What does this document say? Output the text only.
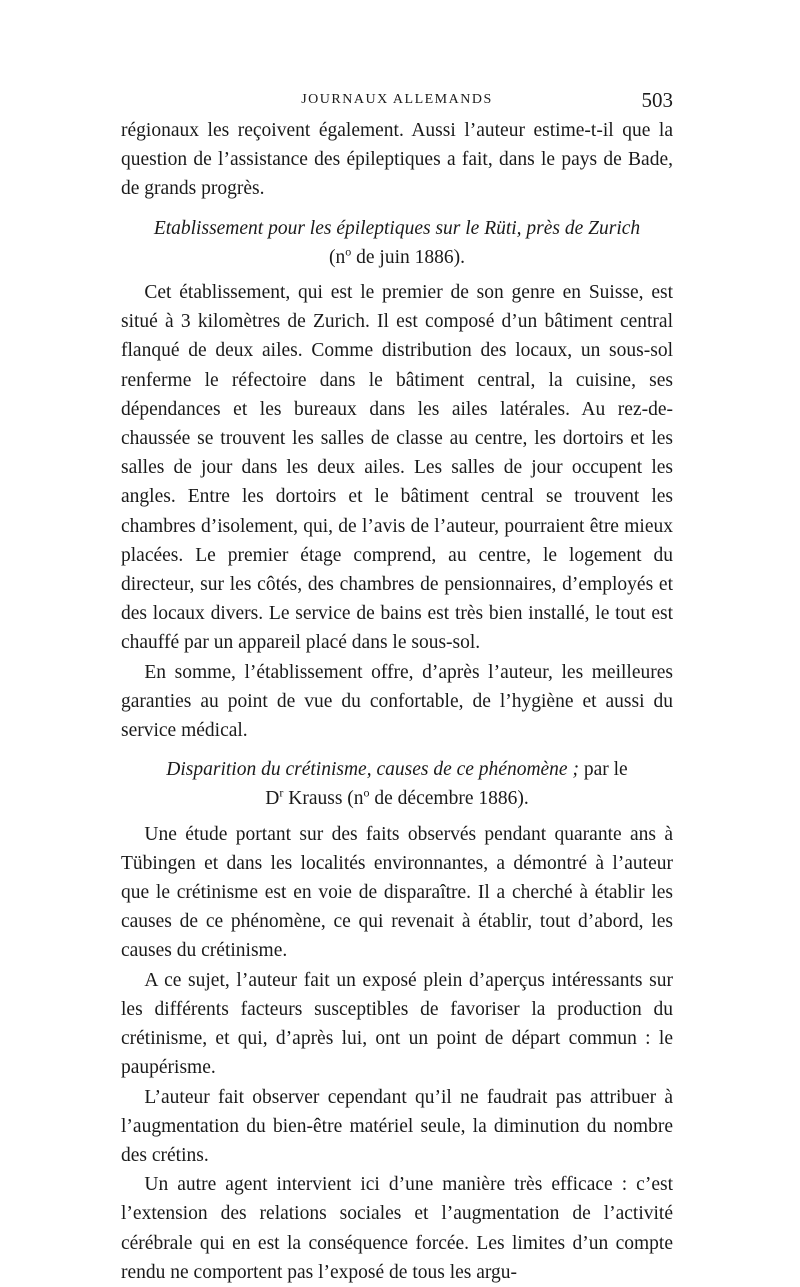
JOURNAUX ALLEMANDS	503

régionaux les reçoivent également. Aussi l’auteur estime-t-il que la question de l’assistance des épileptiques a fait, dans le pays de Bade, de grands progrès.

Etablissement pour les épileptiques sur le Rüti, près de Zurich
($n^o$ de juin 1886).

Cet établissement, qui est le premier de son genre en Suisse, est situé à 3 kilomètres de Zurich. Il est composé d’un bâtiment central flanqué de deux ailes. Comme distribution des locaux, un sous-sol renferme le réfectoire dans le bâtiment central, la cuisine, ses dépendances et les bureaux dans les ailes latérales. Au rez-de-chaussée se trouvent les salles de classe au centre, les dortoirs et les salles de jour dans les deux ailes. Les salles de jour occupent les angles. Entre les dortoirs et le bâtiment central se trouvent les chambres d’isolement, qui, de l’avis de l’auteur, pourraient être mieux placées. Le premier étage comprend, au centre, le logement du directeur, sur les côtés, des chambres de pensionnaires, d’employés et des locaux divers. Le service de bains est très bien installé, le tout est chauffé par un appareil placé dans le sous-sol.

En somme, l’établissement offre, d’après l’auteur, les meilleures garanties au point de vue du confortable, de l’hygiène et aussi du service médical.

Disparition du crétinisme, causes de ce phénomène ; par le
$D^r$ Krauss ($n^o$ de décembre 1886).

Une étude portant sur des faits observés pendant quarante ans à Tübingen et dans les localités environnantes, a démontré à l’auteur que le crétinisme est en voie de disparaître. Il a cherché à établir les causes de ce phénomène, ce qui revenait à établir, tout d’abord, les causes du crétinisme.

A ce sujet, l’auteur fait un exposé plein d’aperçus intéressants sur les différents facteurs susceptibles de favoriser la production du crétinisme, et qui, d’après lui, ont un point de départ commun : le paupérisme.

L’auteur fait observer cependant qu’il ne faudrait pas attribuer à l’augmentation du bien-être matériel seule, la diminution du nombre des crétins.

Un autre agent intervient ici d’une manière très efficace : c’est l’extension des relations sociales et l’augmentation de l’activité cérébrale qui en est la conséquence forcée. Les limites d’un compte rendu ne comportent pas l’exposé de tous les argu-
